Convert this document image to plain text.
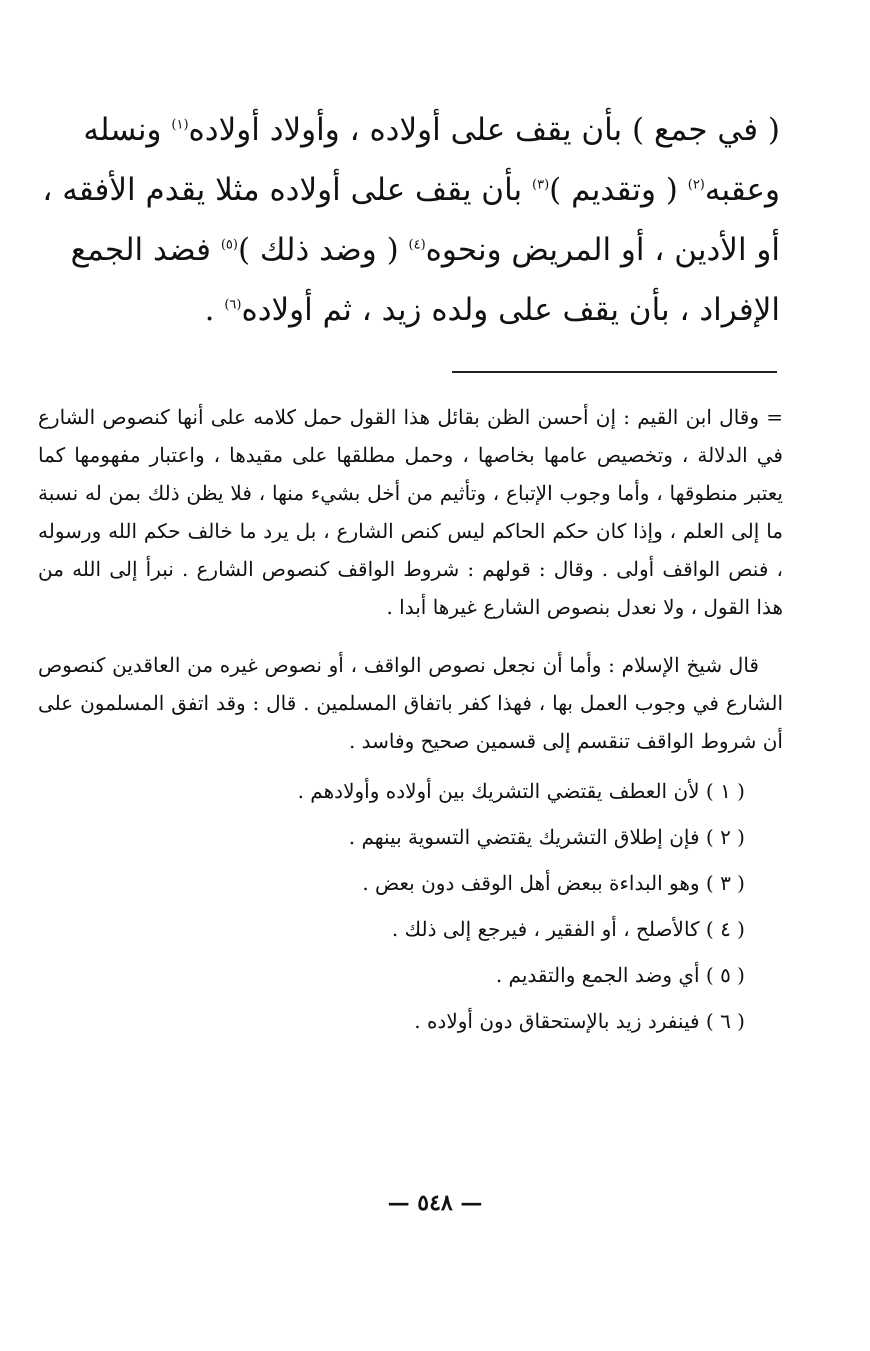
( في جمع ) بأن يقف على أولاده ، وأولاد أولاده$^{(١)}$ ونسله

وعقبه$^{(٢)}$ ( وتقديم )$^{(٣)}$ بأن يقف على أولاده مثلا يقدم الأفقه ،

أو الأدين ، أو المريض ونحوه$^{(٤)}$ ( وضد ذلك )$^{(٥)}$ فضد الجمع

الإفراد ، بأن يقف على ولده زيد ، ثم أولاده$^{(٦)}$ .

= وقال ابن القيم : إن أحسن الظن بقائل هذا القول حمل كلامه على أنها كنصوص الشارع في الدلالة ، وتخصيص عامها بخاصها ، وحمل مطلقها على مقيدها ، واعتبار مفهومها كما يعتبر منطوقها ، وأما وجوب الإتباع ، وتأثيم من أخل بشيء منها ، فلا يظن ذلك بمن له نسبة ما إلى العلم ، وإذا كان حكم الحاكم ليس كنص الشارع ، بل يرد ما خالف حكم الله ورسوله ، فنص الواقف أولى . وقال : قولهم : شروط الواقف كنصوص الشارع . نبرأ إلى الله من هذا القول ، ولا نعدل بنصوص الشارع غيرها أبدا .

قال شيخ الإسلام : وأما أن نجعل نصوص الواقف ، أو نصوص غيره من العاقدين كنصوص الشارع في وجوب العمل بها ، فهذا كفر باتفاق المسلمين . قال : وقد اتفق المسلمون على أن شروط الواقف تنقسم إلى قسمين صحيح وفاسد .

( ١ ) لأن العطف يقتضي التشريك بين أولاده وأولادهم .
( ٢ ) فإن إطلاق التشريك يقتضي التسوية بينهم .
( ٣ ) وهو البداءة ببعض أهل الوقف دون بعض .
( ٤ ) كالأصلح ، أو الفقير ، فيرجع إلى ذلك .
( ٥ ) أي وضد الجمع والتقديم .
( ٦ ) فينفرد زيد بالإستحقاق دون أولاده .
— ٥٤٨ —
